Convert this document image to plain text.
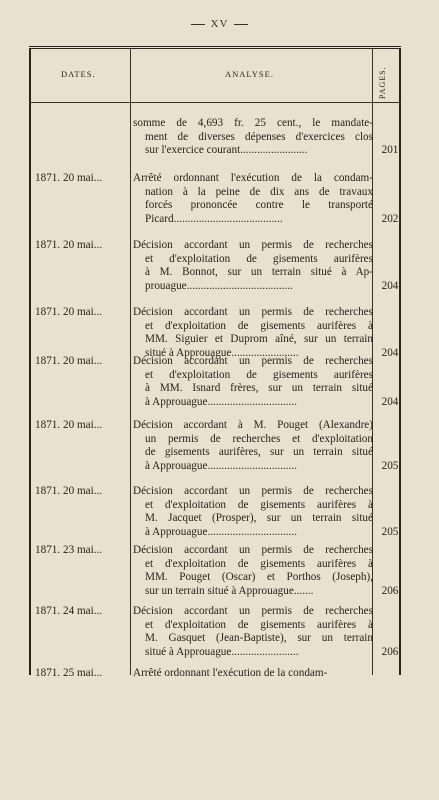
XV
DATES.	ANALYSE.	PAGES.
somme de 4,693 fr. 25 cent., le mandate-
ment de diverses dépenses d'exercices clos
sur l'exercice courant........................	201
1871. 20 mai...	Arrêté ordonnant l'exécution de la condam-
nation à la peine de dix ans de travaux
forcés prononcée contre le transporté
Picard.......................................	202
1871. 20 mai...	Décision accordant un permis de recherches
et d'exploitation de gisements aurifères
à M. Bonnot, sur un terrain situé à Ap-
prouague......................................	204
1871. 20 mai...	Décision accordant un permis de recherches
et d'exploitation de gisements aurifères à
MM. Siguier et Duprom aîné, sur un terrain
situé à Approuague........................	204
1871. 20 mai...	Décision accordant un permis de recherches
et d'exploitation de gisements aurifères
à MM. Isnard frères, sur un terrain situé
à Approuague................................	204
1871. 20 mai...	Décision accordant à M. Pouget (Alexandre)
un permis de recherches et d'exploitation
de gisements aurifères, sur un terrain situé
à Approuague................................	205
1871. 20 mai...	Décision accordant un permis de recherches
et d'exploitation de gisements aurifères à
M. Jacquet (Prosper), sur un terrain situé
à Approuague................................	205
1871. 23 mai...	Décision accordant un permis de recherches
et d'exploitation de gisements aurifères à
MM. Pouget (Oscar) et Porthos (Joseph),
sur un terrain situé à Approuague.......	206
1871. 24 mai...	Décision accordant un permis de recherches
et d'exploitation de gisements aurifères à
M. Gasquet (Jean-Baptiste), sur un terrain
situé à Approuague........................	206
1871. 25 mai...	Arrêté ordonnant l'exécution de la condam-
